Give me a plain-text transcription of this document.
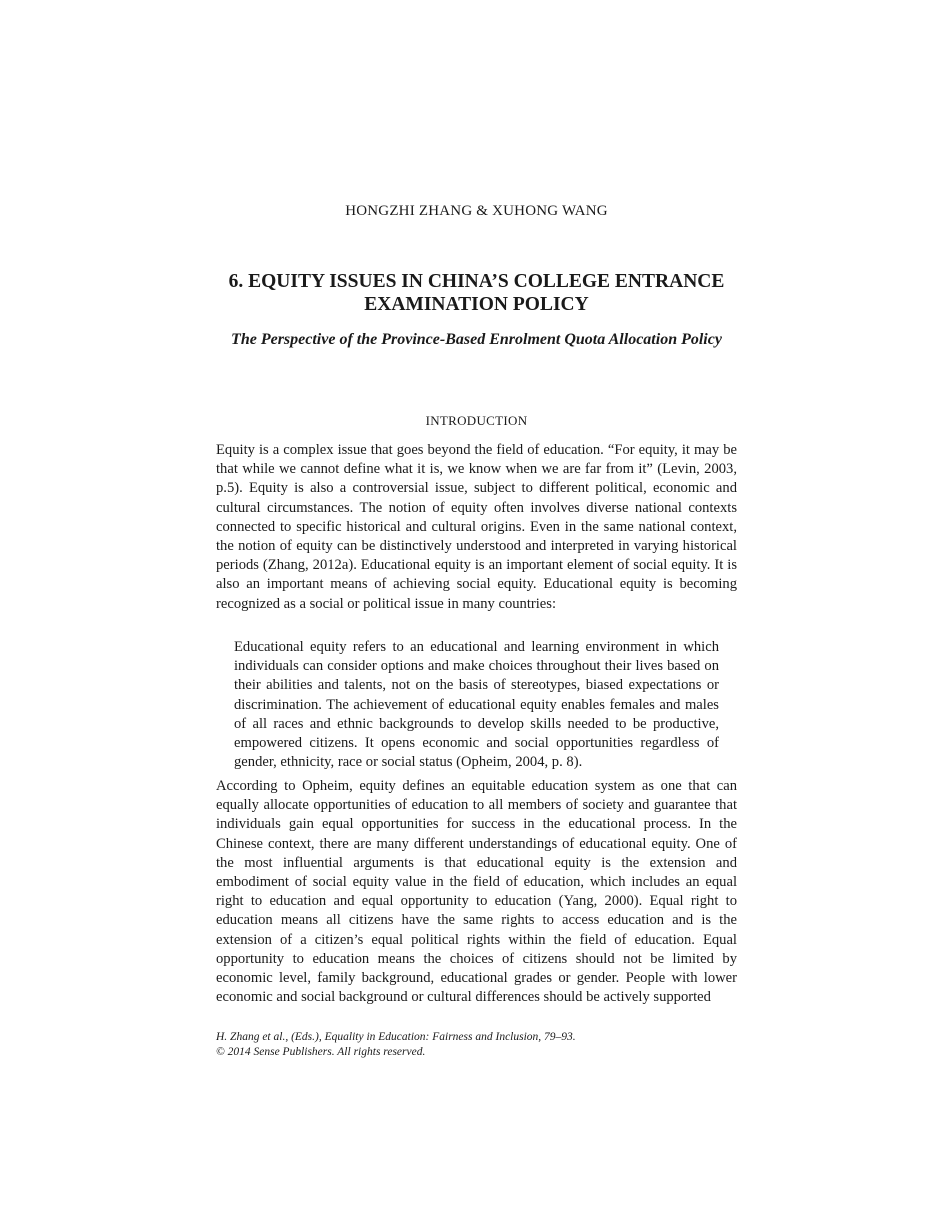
HONGZHI ZHANG & XUHONG WANG
6. EQUITY ISSUES IN CHINA’S COLLEGE ENTRANCE EXAMINATION POLICY
The Perspective of the Province-Based Enrolment Quota Allocation Policy
INTRODUCTION

Equity is a complex issue that goes beyond the field of education. “For equity, it may be that while we cannot define what it is, we know when we are far from it” (Levin, 2003, p.5). Equity is also a controversial issue, subject to different political, economic and cultural circumstances. The notion of equity often involves diverse national contexts connected to specific historical and cultural origins. Even in the same national context, the notion of equity can be distinctively understood and interpreted in varying historical periods (Zhang, 2012a). Educational equity is an important element of social equity. It is also an important means of achieving social equity. Educational equity is becoming recognized as a social or political issue in many countries:

Educational equity refers to an educational and learning environment in which individuals can consider options and make choices throughout their lives based on their abilities and talents, not on the basis of stereotypes, biased expectations or discrimination. The achievement of educational equity enables females and males of all races and ethnic backgrounds to develop skills needed to be productive, empowered citizens. It opens economic and social opportunities regardless of gender, ethnicity, race or social status (Opheim, 2004, p. 8).

According to Opheim, equity defines an equitable education system as one that can equally allocate opportunities of education to all members of society and guarantee that individuals gain equal opportunities for success in the educational process. In the Chinese context, there are many different understandings of educational equity. One of the most influential arguments is that educational equity is the extension and embodiment of social equity value in the field of education, which includes an equal right to education and equal opportunity to education (Yang, 2000). Equal right to education means all citizens have the same rights to access education and is the extension of a citizen’s equal political rights within the field of education. Equal opportunity to education means the choices of citizens should not be limited by economic level, family background, educational grades or gender. People with lower economic and social background or cultural differences should be actively supported

H. Zhang et al., (Eds.), Equality in Education: Fairness and Inclusion, 79–93.
© 2014 Sense Publishers. All rights reserved.
